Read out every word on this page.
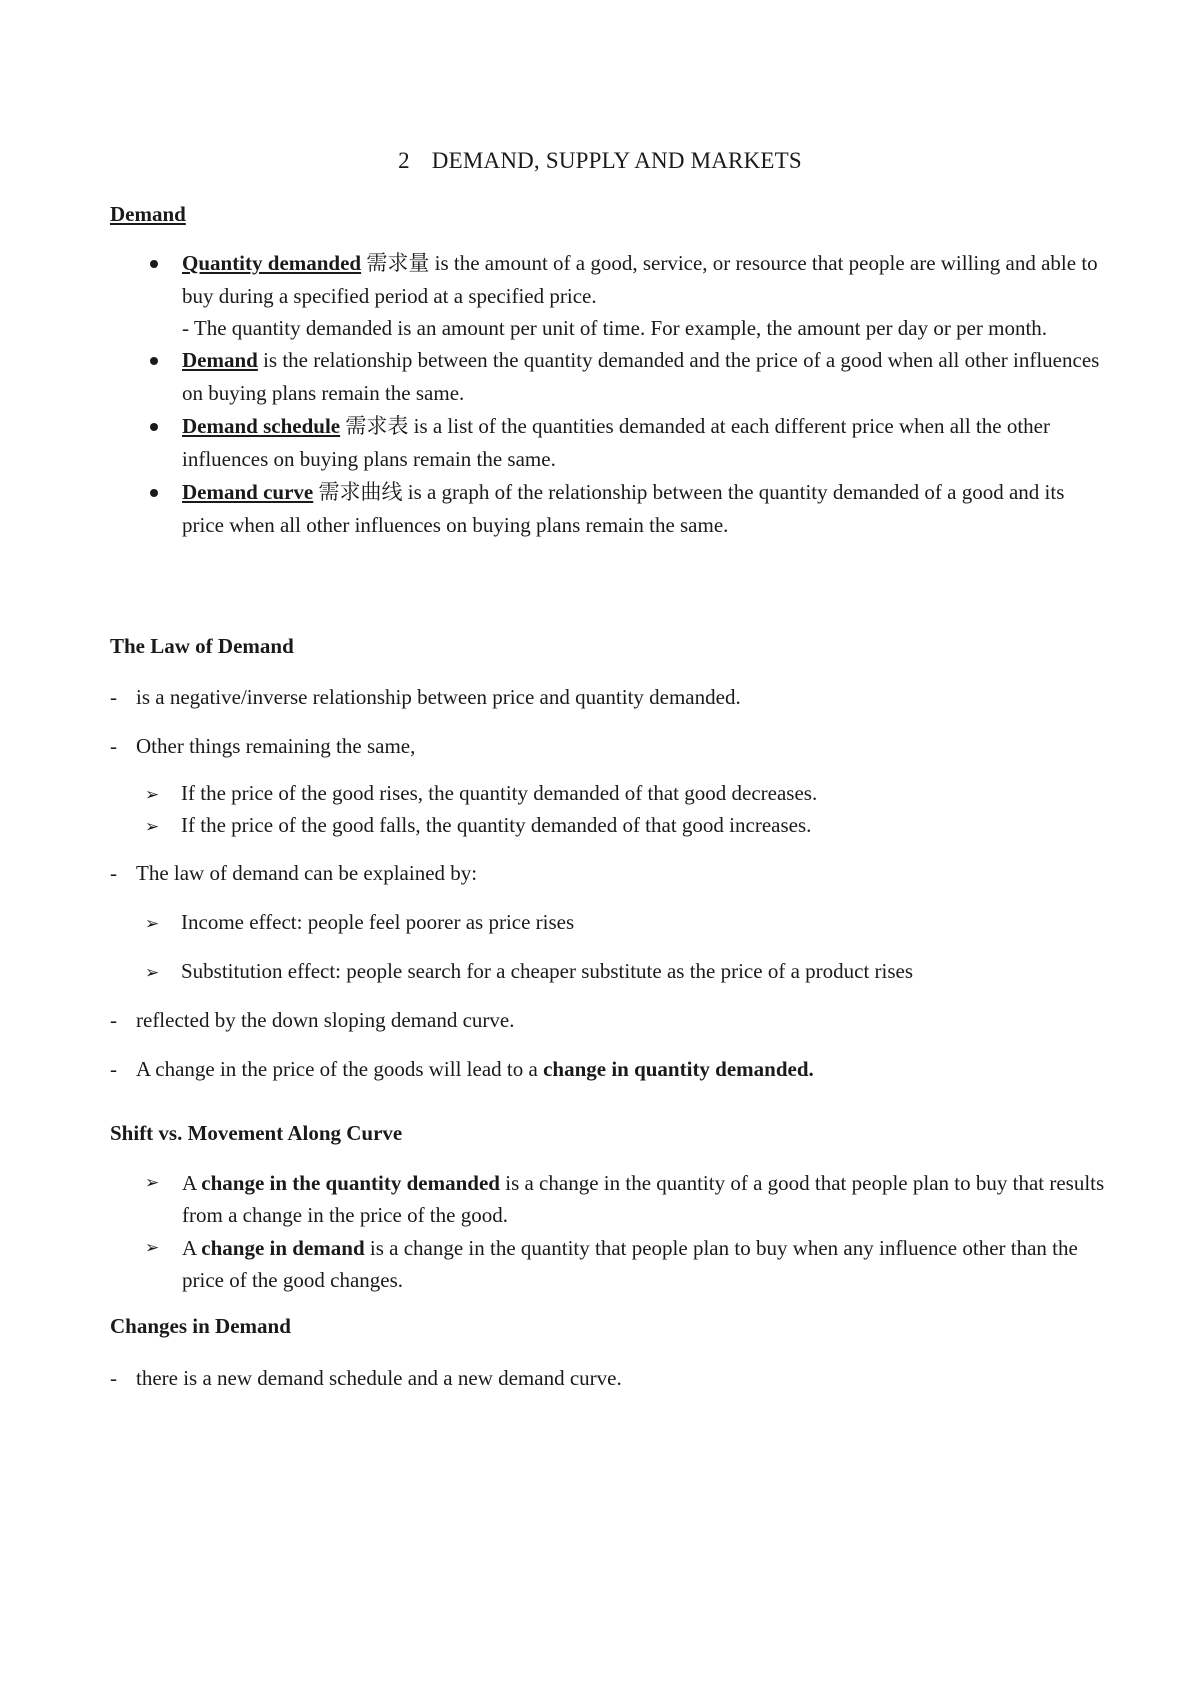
2 DEMAND, SUPPLY AND MARKETS
Demand
Quantity demanded 需求量 is the amount of a good, service, or resource that people are willing and able to buy during a specified period at a specified price.
- The quantity demanded is an amount per unit of time. For example, the amount per day or per month.
Demand is the relationship between the quantity demanded and the price of a good when all other influences on buying plans remain the same.
Demand schedule 需求表 is a list of the quantities demanded at each different price when all the other influences on buying plans remain the same.
Demand curve 需求曲线 is a graph of the relationship between the quantity demanded of a good and its price when all other influences on buying plans remain the same.
The Law of Demand
- is a negative/inverse relationship between price and quantity demanded.
- Other things remaining the same,
➢ If the price of the good rises, the quantity demanded of that good decreases.
➢ If the price of the good falls, the quantity demanded of that good increases.
- The law of demand can be explained by:
➢ Income effect: people feel poorer as price rises
➢ Substitution effect: people search for a cheaper substitute as the price of a product rises
- reflected by the down sloping demand curve.
- A change in the price of the goods will lead to a change in quantity demanded.
Shift vs. Movement Along Curve
➢	A change in the quantity demanded is a change in the quantity of a good that people plan to buy that results from a change in the price of the good.
➢	A change in demand is a change in the quantity that people plan to buy when any influence other than the price of the good changes.
Changes in Demand
- there is a new demand schedule and a new demand curve.
